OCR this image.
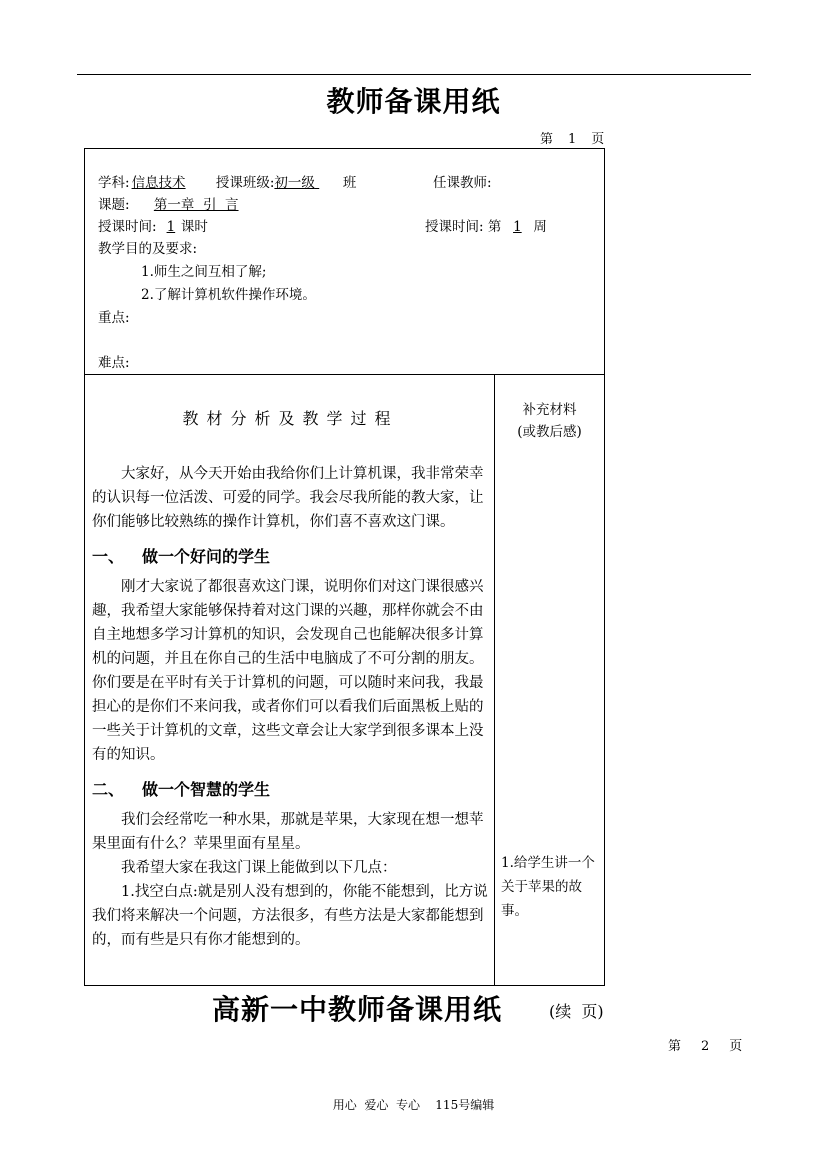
教师备课用纸
第 1 页
学科: 信息技术 授课班级:初一级 班	任课教师:
课题: 第一章  引  言
授课时间: 1 课时	授课时间: 第 1 周
教学目的及要求:
1.师生之间互相了解;
2.了解计算机软件操作环境。
重点:
难点:
教材分析及教学过程

大家好，从今天开始由我给你们上计算机课，我非常荣幸的认识每一位活泼、可爱的同学。我会尽我所能的教大家，让你们能够比较熟练的操作计算机，你们喜不喜欢这门课。

一、 做一个好问的学生

刚才大家说了都很喜欢这门课，说明你们对这门课很感兴趣，我希望大家能够保持着对这门课的兴趣，那样你就会不由自主地想多学习计算机的知识，会发现自己也能解决很多计算机的问题，并且在你自己的生活中电脑成了不可分割的朋友。你们要是在平时有关于计算机的问题，可以随时来问我，我最担心的是你们不来问我，或者你们可以看我们后面黑板上贴的一些关于计算机的文章，这些文章会让大家学到很多课本上没有的知识。

二、 做一个智慧的学生

我们会经常吃一种水果，那就是苹果，大家现在想一想苹果里面有什么？苹果里面有星星。

我希望大家在我这门课上能做到以下几点：

1.找空白点:就是别人没有想到的，你能不能想到，比方说我们将来解决一个问题，方法很多，有些方法是大家都能想到的，而有些是只有你才能想到的。

补充材料
(或教后感)
1.给学生讲一个关于苹果的故事。
高新一中教师备课用纸	(续  页)
第 2 页
用心  爱心  专心    115号编辑
